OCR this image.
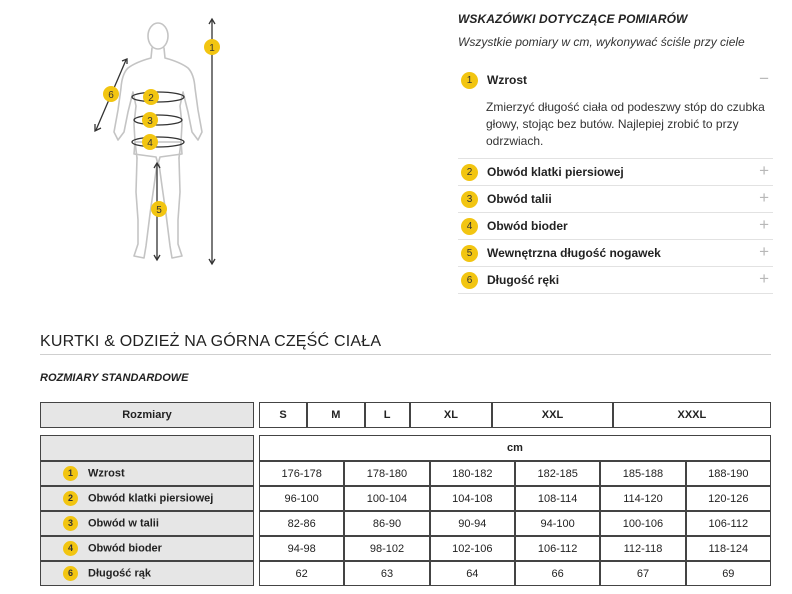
1
2
3
4
5
6
WSKAZÓWKI DOTYCZĄCE POMIARÓW
Wszystkie pomiary w cm, wykonywać ściśle przy ciele
1	Wzrost	−
Zmierzyć długość ciała od podeszwy stóp do czubka głowy, stojąc bez butów. Najlepiej zrobić to przy odrzwiach.
2	Obwód klatki piersiowej	+
3	Obwód talii	+
4	Obwód bioder	+
5	Wewnętrzna długość nogawek	+
6	Długość ręki	+
KURTKI & ODZIEŻ NA GÓRNA CZĘŚĆ CIAŁA
ROZMIARY STANDARDOWE
Rozmiary		S	M	L	XL	XXL	XXXL
		cm					
1 Wzrost		176-178	178-180	180-182	182-185	185-188	188-190
2 Obwód klatki piersiowej		96-100	100-104	104-108	108-114	114-120	120-126
3 Obwód w talii		82-86	86-90	90-94	94-100	100-106	106-112
4 Obwód bioder		94-98	98-102	102-106	106-112	112-118	118-124
6 Długość rąk		62	63	64	66	67	69
